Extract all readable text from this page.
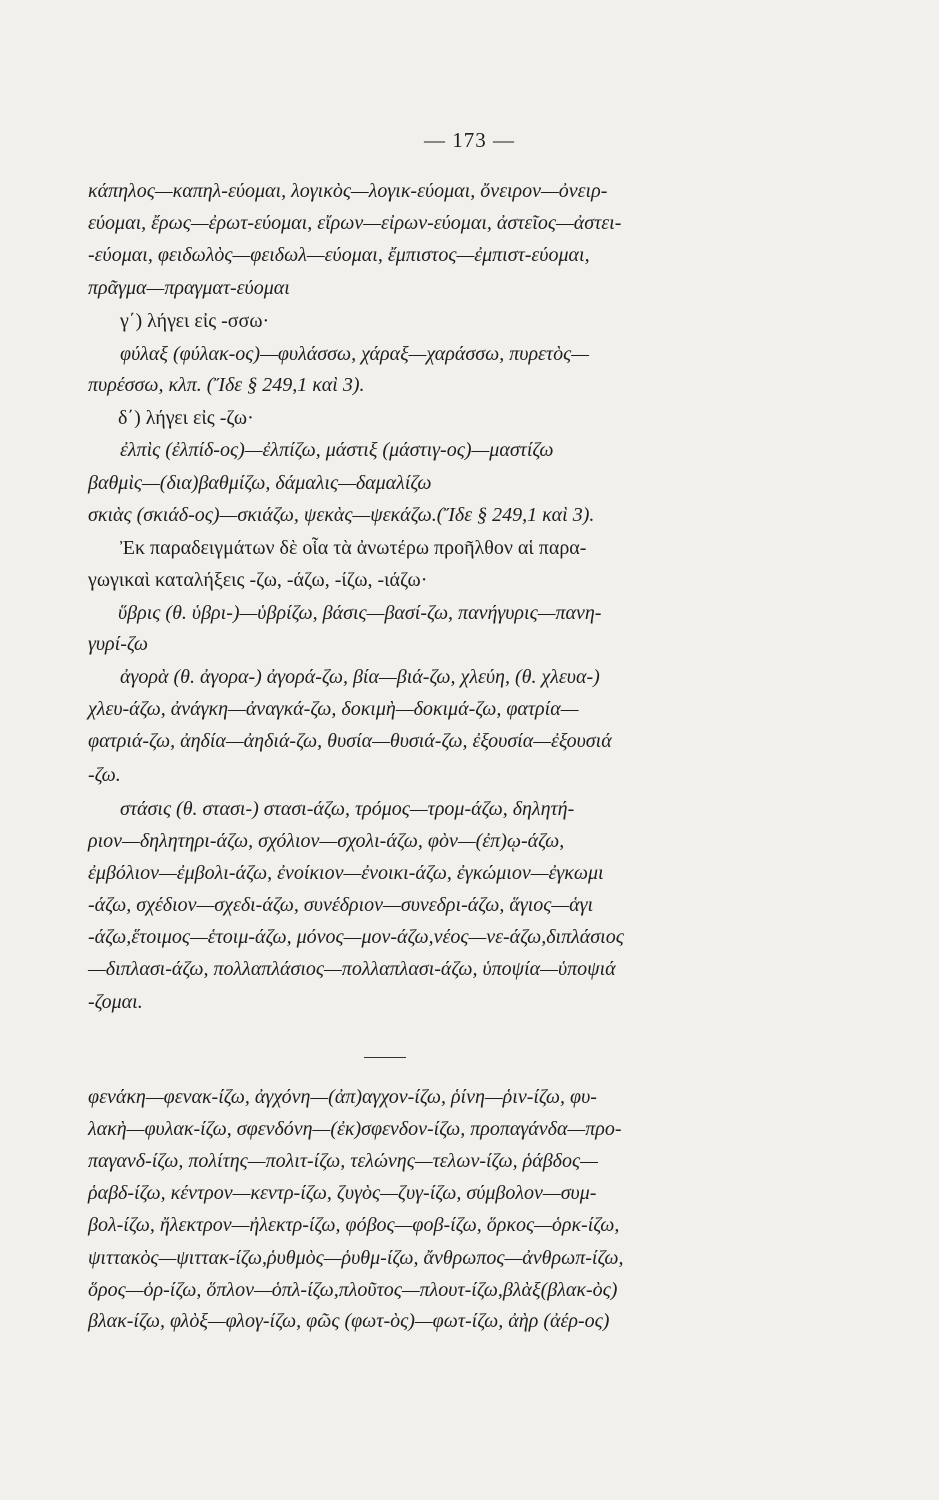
— 173 —
κάπηλος—καπηλ-εύομαι, λογικὸς—λογικ-εύομαι, ὄνειρον—ὀνειρ-
εύομαι, ἔρως—ἐρωτ-εύομαι, εἴρων—εἰρων-εύομαι, ἀστεῖος—ἀστει-
-εύομαι, φειδωλὸς—φειδωλ—εύομαι, ἔμπιστος—ἐμπιστ-εύομαι,
πρᾶγμα—πραγματ-εύομαι
γ΄) λήγει εἰς -σσω·
φύλαξ (φύλακ-ος)—φυλάσσω, χάραξ—χαράσσω, πυρετὸς—
πυρέσσω, κλπ. (Ἴδε § 249,1 καὶ 3).
δ΄) λήγει εἰς -ζω·
ἐλπὶς (ἐλπίδ-ος)—ἐλπίζω, μάστιξ (μάστιγ-ος)—μαστίζω
βαθμὶς—(δια)βαθμίζω, δάμαλις—δαμαλίζω
σκιὰς (σκιάδ-ος)—σκιάζω, ψεκὰς—ψεκάζω.(Ἴδε § 249,1 καὶ 3).
Ἐκ παραδειγμάτων δὲ οἷα τὰ ἀνωτέρω προῆλθον αἱ παρα-
γωγικαὶ καταλήξεις -ζω, -άζω, -ίζω, -ιάζω·
ὕβρις (θ. ὑβρι-)—ὑβρίζω, βάσις—βασί-ζω, πανήγυρις—πανη-
γυρί-ζω
ἀγορὰ (θ. ἀγορα-) ἀγορά-ζω, βία—βιά-ζω, χλεύη, (θ. χλευα-)
χλευ-άζω, ἀνάγκη—ἀναγκά-ζω, δοκιμὴ—δοκιμά-ζω, φατρία—
φατριά-ζω, ἀηδία—ἀηδιά-ζω, θυσία—θυσιά-ζω, ἐξουσία—ἐξουσιά
-ζω.
στάσις (θ. στασι-) στασι-άζω, τρόμος—τρομ-άζω, δηλητή-
ριον—δηλητηρι-άζω, σχόλιον—σχολι-άζω, φὸν—(ἐπ)ῳ-άζω,
ἐμβόλιον—ἐμβολι-άζω, ἐνοίκιον—ἐνοικι-άζω, ἐγκώμιον—ἐγκωμι
-άζω, σχέδιον—σχεδι-άζω, συνέδριον—συνεδρι-άζω, ἅγιος—ἁγι
-άζω,ἕτοιμος—ἑτοιμ-άζω, μόνος—μον-άζω,νέος—νε-άζω,διπλάσιος
—διπλασι-άζω, πολλαπλάσιος—πολλαπλασι-άζω, ὑποψία—ὑποψιά
-ζομαι.
φενάκη—φενακ-ίζω, ἀγχόνη—(ἀπ)αγχον-ίζω, ῥίνη—ῥιν-ίζω, φυ-
λακὴ—φυλακ-ίζω, σφενδόνη—(ἐκ)σφενδον-ίζω, προπαγάνδα—προ-
παγανδ-ίζω, πολίτης—πολιτ-ίζω, τελώνης—τελων-ίζω, ῥάβδος—
ῥαβδ-ίζω, κέντρον—κεντρ-ίζω, ζυγὸς—ζυγ-ίζω, σύμβολον—συμ-
βολ-ίζω, ἤλεκτρον—ἠλεκτρ-ίζω, φόβος—φοβ-ίζω, ὅρκος—ὁρκ-ίζω,
ψιττακὸς—ψιττακ-ίζω,ῥυθμὸς—ῥυθμ-ίζω, ἄνθρωπος—ἀνθρωπ-ίζω,
ὅρος—ὁρ-ίζω, ὅπλον—ὁπλ-ίζω,πλοῦτος—πλουτ-ίζω,βλὰξ(βλακ-ὸς)
βλακ-ίζω, φλὸξ—φλογ-ίζω, φῶς (φωτ-ὸς)—φωτ-ίζω, ἀὴρ (ἀέρ-ος)
